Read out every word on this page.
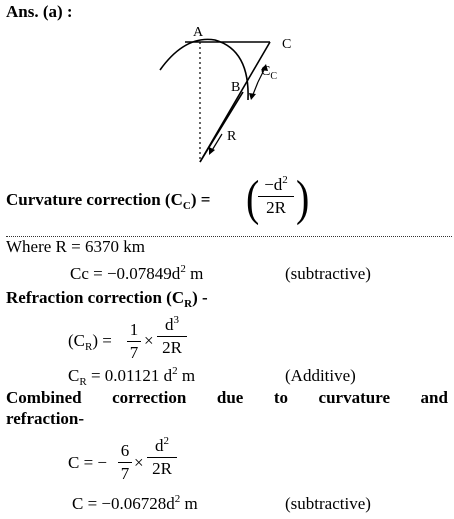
Ans. (a) :
A
B
C
$C_C$
R
Curvature correction $(C_C)$ = ( $-d^2$
2R )
Where R = 6370 km
$Cc = -0.07849d^2$ m	(subtractive)
Refraction correction $(C_R)$ -
$(C_R)$ =
1
7
×
$d^3$
2R
$C_R = 0.01121$ $d^2$ m	(Additive)
Combined correction due to curvature and
refraction-
C = −
6
7
×
$d^2$
2R
$C = -0.06728d^2$ m	(subtractive)
